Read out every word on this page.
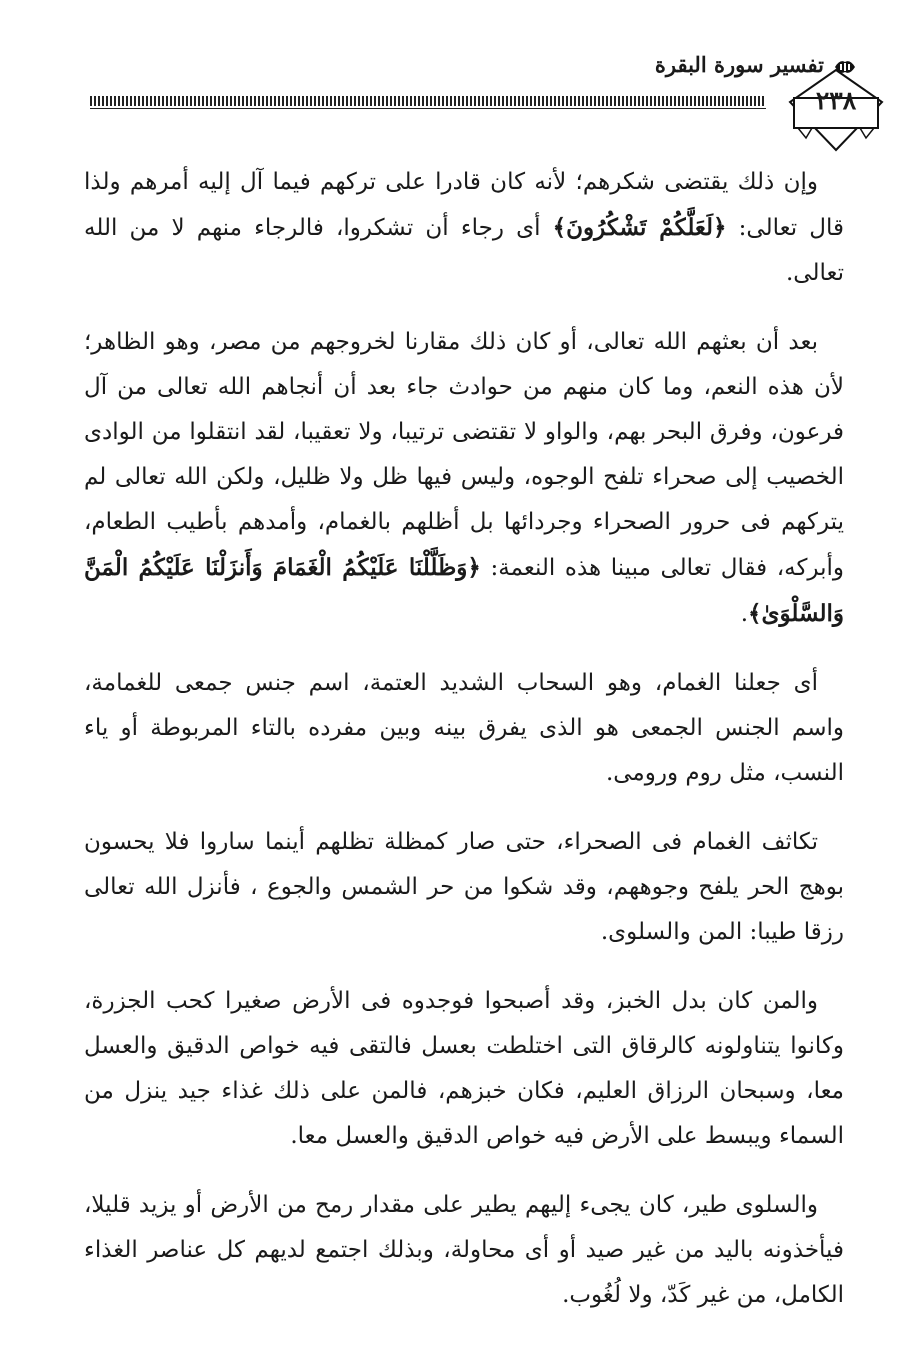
تفسير سورة البقرة
٢٣٨

وإن ذلك يقتضى شكرهم؛ لأنه كان قادرا على تركهم فيما آل إليه أمرهم ولذا قال تعالى: ﴿لَعَلَّكُمْ تَشْكُرُونَ﴾ أى رجاء أن تشكروا، فالرجاء منهم لا من الله تعالى.

بعد أن بعثهم الله تعالى، أو كان ذلك مقارنا لخروجهم من مصر، وهو الظاهر؛ لأن هذه النعم، وما كان منهم من حوادث جاء بعد أن أنجاهم الله تعالى من آل فرعون، وفرق البحر بهم، والواو لا تقتضى ترتيبا، ولا تعقيبا، لقد انتقلوا من الوادى الخصيب إلى صحراء تلفح الوجوه، وليس فيها ظل ولا ظليل، ولكن الله تعالى لم يتركهم فى حرور الصحراء وجردائها بل أظلهم بالغمام، وأمدهم بأطيب الطعام، وأبركه، فقال تعالى مبينا هذه النعمة: ﴿وَظَلَّلْنَا عَلَيْكُمُ الْغَمَامَ وَأَنزَلْنَا عَلَيْكُمُ الْمَنَّ وَالسَّلْوَىٰ﴾.

أى جعلنا الغمام، وهو السحاب الشديد العتمة، اسم جنس جمعى للغمامة، واسم الجنس الجمعى هو الذى يفرق بينه وبين مفرده بالتاء المربوطة أو ياء النسب، مثل روم ورومى.

تكاثف الغمام فى الصحراء، حتى صار كمظلة تظلهم أينما ساروا فلا يحسون بوهج الحر يلفح وجوههم، وقد شكوا من حر الشمس والجوع ، فأنزل الله تعالى رزقا طيبا: المن والسلوى.

والمن كان بدل الخبز، وقد أصبحوا فوجدوه فى الأرض صغيرا كحب الجزرة، وكانوا يتناولونه كالرقاق التى اختلطت بعسل فالتقى فيه خواص الدقيق والعسل معا، وسبحان الرزاق العليم، فكان خبزهم، فالمن على ذلك غذاء جيد ينزل من السماء ويبسط على الأرض فيه خواص الدقيق والعسل معا.

والسلوى طير، كان يجىء إليهم يطير على مقدار رمح من الأرض أو يزيد قليلا، فيأخذونه باليد من غير صيد أو أى محاولة، وبذلك اجتمع لديهم كل عناصر الغذاء الكامل، من غير كَدّ، ولا لُغُوب.
